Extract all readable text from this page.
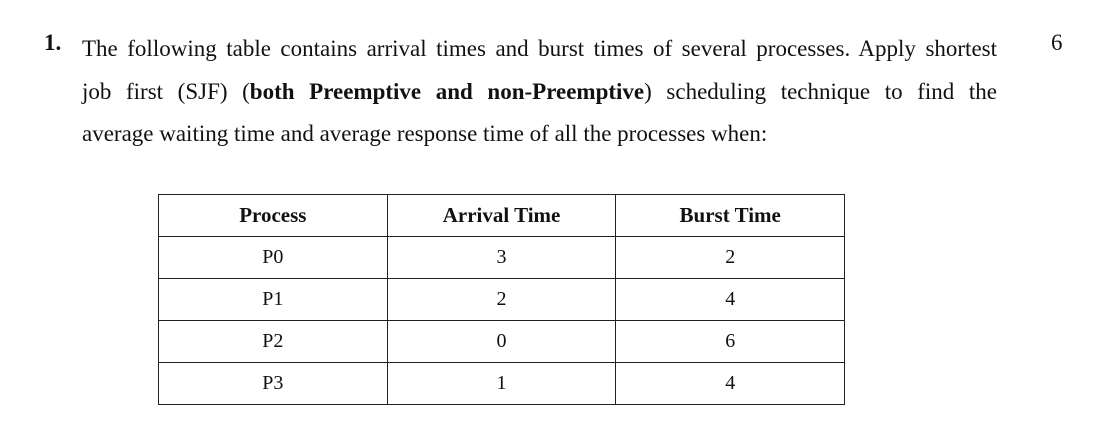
1. The following table contains arrival times and burst times of several processes. Apply shortest
job first (SJF) (both Preemptive and non-Preemptive) scheduling technique to find the
average waiting time and average response time of all the processes when:
6
Process	Arrival Time	Burst Time
P0	3	2
P1	2	4
P2	0	6
P3	1	4
